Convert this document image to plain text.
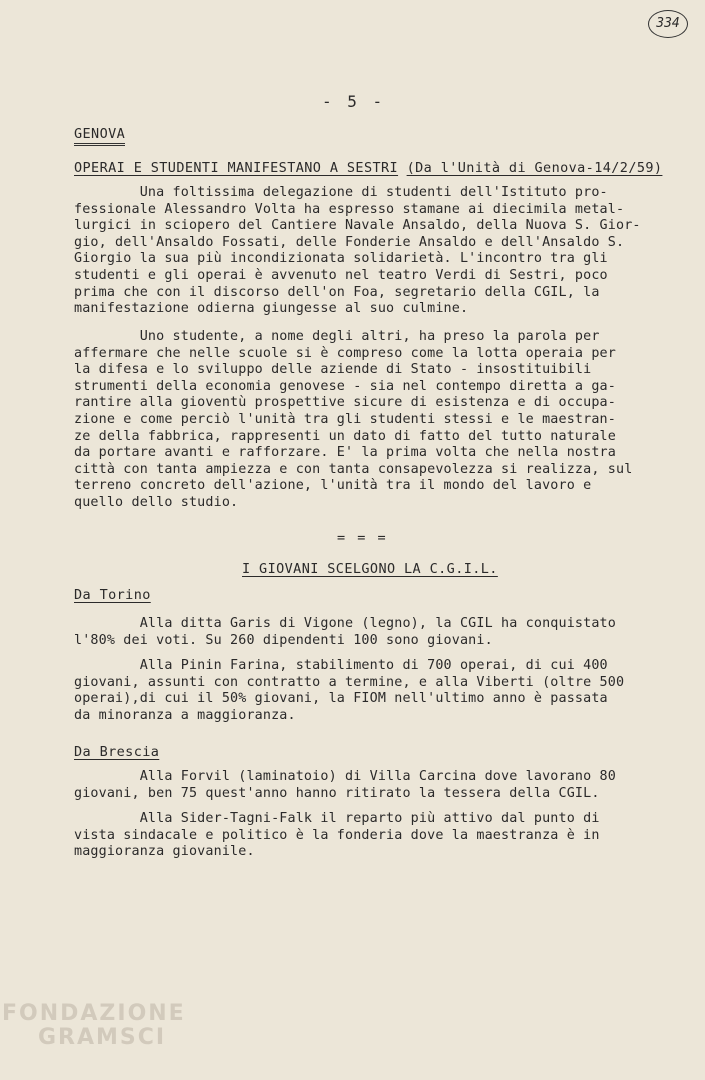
334
- 5 -
GENOVA
OPERAI E STUDENTI MANIFESTANO A SESTRI (Da l'Unità di Genova-14/2/59)
Una foltissima delegazione di studenti dell'Istituto pro-
fessionale Alessandro Volta ha espresso stamane ai diecimila metal-
lurgici in sciopero del Cantiere Navale Ansaldo, della Nuova S. Gior-
gio, dell'Ansaldo Fossati, delle Fonderie Ansaldo e dell'Ansaldo S.
Giorgio la sua più incondizionata solidarietà. L'incontro tra gli
studenti e gli operai è avvenuto nel teatro Verdi di Sestri, poco
prima che con il discorso dell'on Foa, segretario della CGIL, la
manifestazione odierna giungesse al suo culmine.
Uno studente, a nome degli altri, ha preso la parola per
affermare che nelle scuole si è compreso come la lotta operaia per
la difesa e lo sviluppo delle aziende di Stato - insostituibili
strumenti della economia genovese - sia nel contempo diretta a ga-
rantire alla gioventù prospettive sicure di esistenza e di occupa-
zione e come perciò l'unità tra gli studenti stessi e le maestran-
ze della fabbrica, rappresenti un dato di fatto del tutto naturale
da portare avanti e rafforzare. E' la prima volta che nella nostra
città con tanta ampiezza e con tanta consapevolezza si realizza, sul
terreno concreto dell'azione, l'unità tra il mondo del lavoro e
quello dello studio.
= = =
I GIOVANI SCELGONO LA C.G.I.L.
Da Torino
Alla ditta Garis di Vigone (legno), la CGIL ha conquistato
l'80% dei voti. Su 260 dipendenti 100 sono giovani.
Alla Pinin Farina, stabilimento di 700 operai, di cui 400
giovani, assunti con contratto a termine, e alla Viberti (oltre 500
operai),di cui il 50% giovani, la FIOM nell'ultimo anno è passata
da minoranza a maggioranza.
Da Brescia
Alla Forvil (laminatoio) di Villa Carcina dove lavorano 80
giovani, ben 75 quest'anno hanno ritirato la tessera della CGIL.
Alla Sider-Tagni-Falk il reparto più attivo dal punto di
vista sindacale e politico è la fonderia dove la maestranza è in
maggioranza giovanile.
FONDAZIONE
GRAMSCI
